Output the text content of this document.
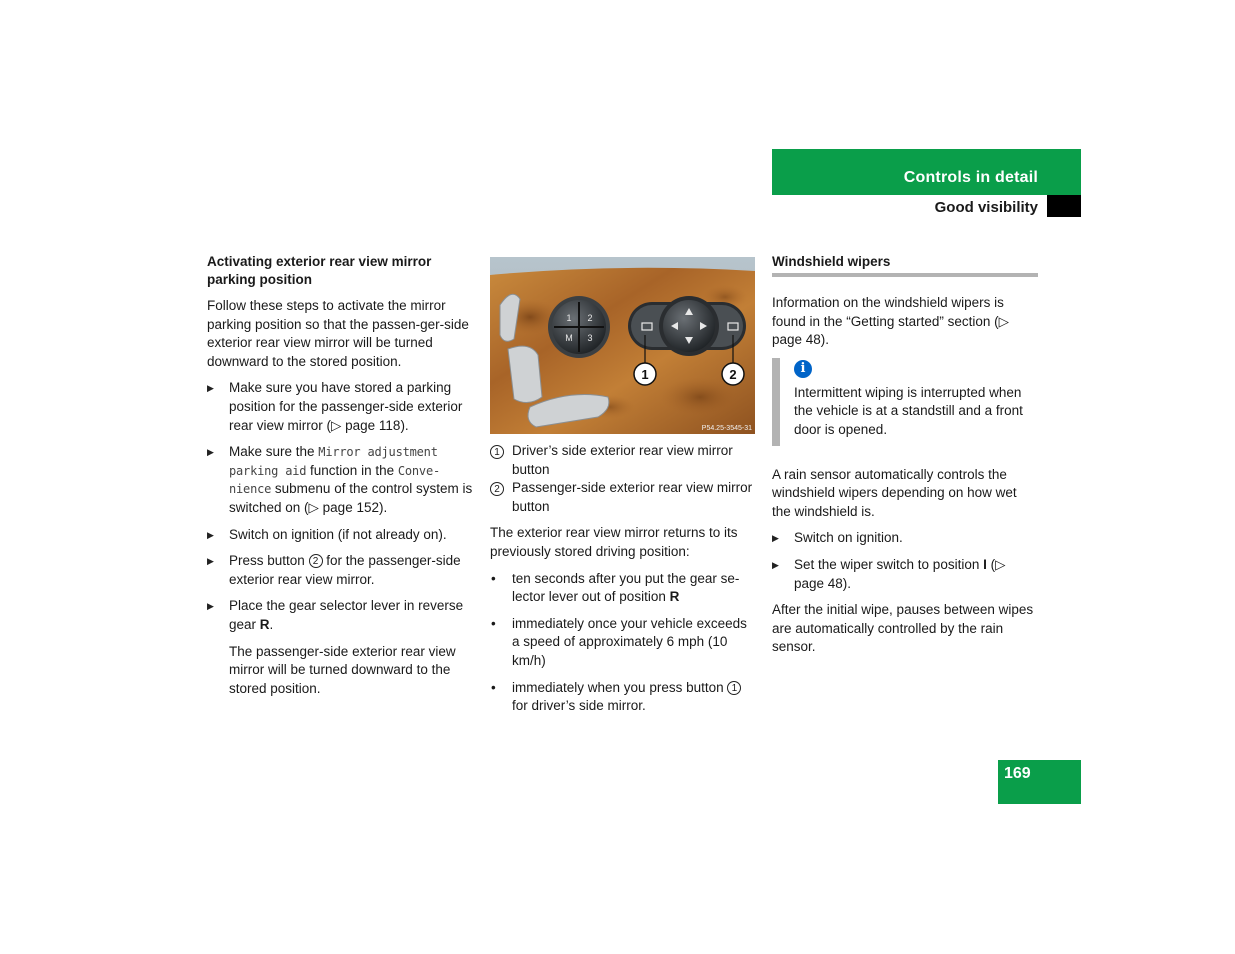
Controls in detail
Good visibility
Activating exterior rear view mirror parking position

Follow these steps to activate the mirror parking position so that the passen-ger-side exterior rear view mirror will be turned downward to the stored position.

▶ Make sure you have stored a parking position for the passenger-side exterior rear view mirror (▷ page 118).
▶ Make sure the Mirror adjustment parking aid function in the Conve-nience submenu of the control system is switched on (▷ page 152).
▶ Switch on ignition (if not already on).
▶ Press button 2 for the passenger-side exterior rear view mirror.
▶ Place the gear selector lever in reverse gear R.

The passenger-side exterior rear view mirror will be turned downward to the stored position.

1 2
M 3
1	2
P54.25-3545-31
1 Driver’s side exterior rear view mirror button
2 Passenger-side exterior rear view mirror button

The exterior rear view mirror returns to its previously stored driving position:

• ten seconds after you put the gear se-lector lever out of position R
• immediately once your vehicle exceeds a speed of approximately 6 mph (10 km/h)
• immediately when you press button 1 for driver’s side mirror.
Windshield wipers

Information on the windshield wipers is found in the “Getting started” section (▷ page 48).

i
Intermittent wiping is interrupted when the vehicle is at a standstill and a front door is opened.

A rain sensor automatically controls the windshield wipers depending on how wet the windshield is.

▶ Switch on ignition.
▶ Set the wiper switch to position I (▷ page 48).

After the initial wipe, pauses between wipes are automatically controlled by the rain sensor.

169
